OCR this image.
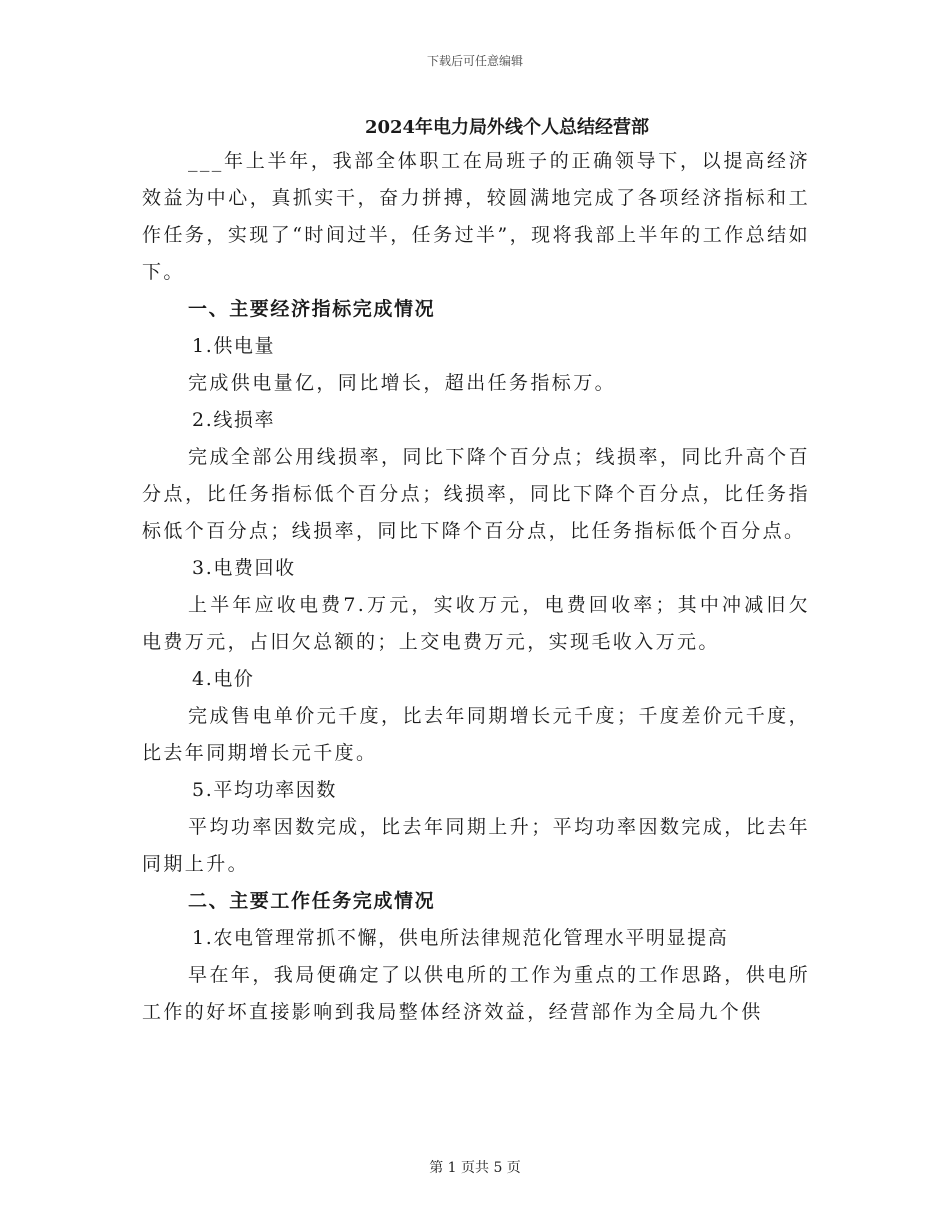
下载后可任意编辑
2024年电力局外线个人总结经营部

___年上半年，我部全体职工在局班子的正确领导下，以提高经济效益为中心，真抓实干，奋力拼搏，较圆满地完成了各项经济指标和工作任务，实现了“时间过半，任务过半”，现将我部上半年的工作总结如下。

一、主要经济指标完成情况

1.供电量

完成供电量亿，同比增长，超出任务指标万。

2.线损率

完成全部公用线损率，同比下降个百分点；线损率，同比升高个百分点，比任务指标低个百分点；线损率，同比下降个百分点，比任务指标低个百分点；线损率，同比下降个百分点，比任务指标低个百分点。

3.电费回收

上半年应收电费7.万元，实收万元，电费回收率；其中冲减旧欠电费万元，占旧欠总额的；上交电费万元，实现毛收入万元。

4.电价

完成售电单价元千度，比去年同期增长元千度；千度差价元千度，比去年同期增长元千度。

5.平均功率因数

平均功率因数完成，比去年同期上升；平均功率因数完成，比去年同期上升。

二、主要工作任务完成情况

1.农电管理常抓不懈，供电所法律规范化管理水平明显提高

早在年，我局便确定了以供电所的工作为重点的工作思路，供电所工作的好坏直接影响到我局整体经济效益，经营部作为全局九个供

第 1 页共 5 页
